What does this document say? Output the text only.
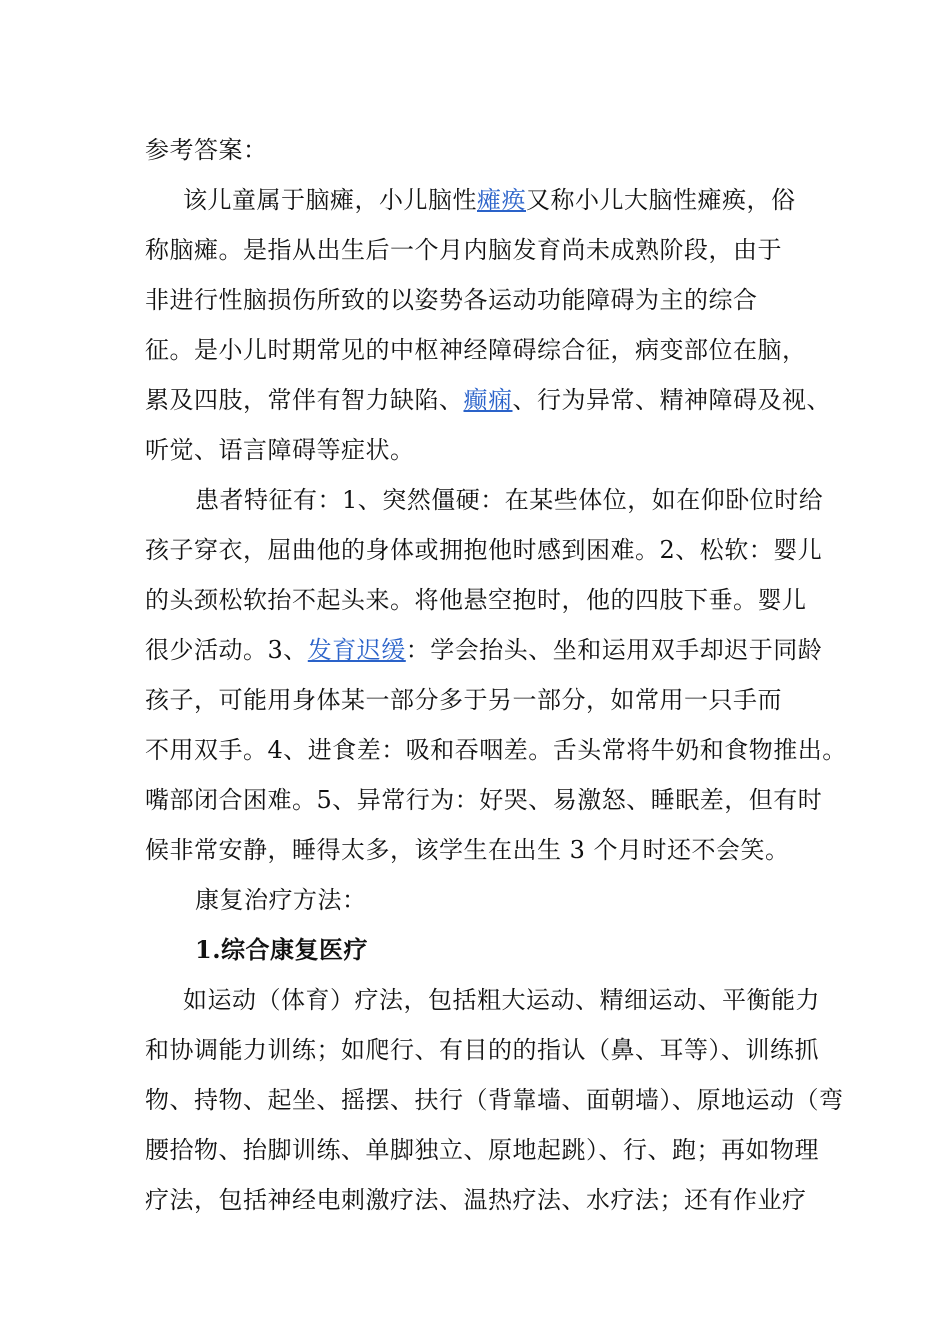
参考答案：
该儿童属于脑瘫，小儿脑性瘫痪又称小儿大脑性瘫痪，俗
称脑瘫。是指从出生后一个月内脑发育尚未成熟阶段，由于
非进行性脑损伤所致的以姿势各运动功能障碍为主的综合
征。是小儿时期常见的中枢神经障碍综合征，病变部位在脑，
累及四肢，常伴有智力缺陷、癫痫、行为异常、精神障碍及视、
听觉、语言障碍等症状。
患者特征有：1、突然僵硬：在某些体位，如在仰卧位时给
孩子穿衣，屈曲他的身体或拥抱他时感到困难。2、松软：婴儿
的头颈松软抬不起头来。将他悬空抱时，他的四肢下垂。婴儿
很少活动。3、发育迟缓：学会抬头、坐和运用双手却迟于同龄
孩子，可能用身体某一部分多于另一部分，如常用一只手而
不用双手。4、进食差：吸和吞咽差。舌头常将牛奶和食物推出。
嘴部闭合困难。5、异常行为：好哭、易激怒、睡眠差，但有时
候非常安静，睡得太多，该学生在出生 3 个月时还不会笑。
康复治疗方法：
1.综合康复医疗
如运动（体育）疗法，包括粗大运动、精细运动、平衡能力
和协调能力训练；如爬行、有目的的指认（鼻、耳等）、训练抓
物、持物、起坐、摇摆、扶行（背靠墙、面朝墙）、原地运动（弯
腰拾物、抬脚训练、单脚独立、原地起跳）、行、跑；再如物理
疗法，包括神经电刺激疗法、温热疗法、水疗法；还有作业疗
